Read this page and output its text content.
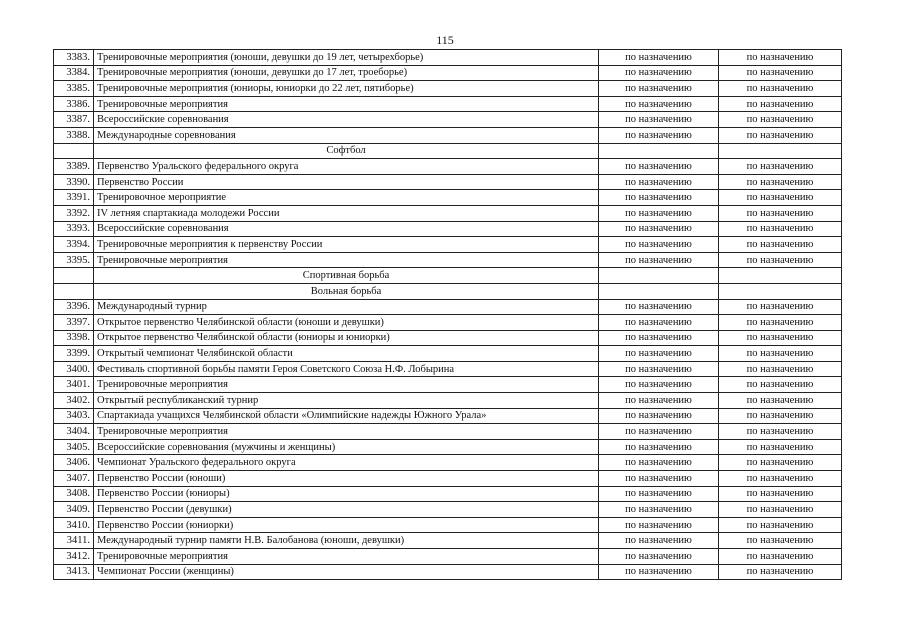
115
3383.	Тренировочные мероприятия (юноши, девушки до 19 лет, четырехборье)	по назначению	по назначению
3384.	Тренировочные мероприятия (юноши, девушки до 17 лет, троеборье)	по назначению	по назначению
3385.	Тренировочные мероприятия (юниоры, юниорки до 22 лет, пятиборье)	по назначению	по назначению
3386.	Тренировочные мероприятия	по назначению	по назначению
3387.	Всероссийские соревнования	по назначению	по назначению
3388.	Международные соревнования	по назначению	по назначению
	Софтбол		
3389.	Первенство Уральского федерального округа	по назначению	по назначению
3390.	Первенство России	по назначению	по назначению
3391.	Тренировочное мероприятие	по назначению	по назначению
3392.	IV летняя спартакиада молодежи России	по назначению	по назначению
3393.	Всероссийские соревнования	по назначению	по назначению
3394.	Тренировочные мероприятия к первенству России	по назначению	по назначению
3395.	Тренировочные мероприятия	по назначению	по назначению
	Спортивная борьба		
	Вольная борьба		
3396.	Международный турнир	по назначению	по назначению
3397.	Открытое первенство Челябинской области (юноши и девушки)	по назначению	по назначению
3398.	Открытое первенство Челябинской области (юниоры и юниорки)	по назначению	по назначению
3399.	Открытый чемпионат Челябинской области	по назначению	по назначению
3400.	Фестиваль спортивной борьбы памяти Героя Советского Союза Н.Ф. Лобырина	по назначению	по назначению
3401.	Тренировочные мероприятия	по назначению	по назначению
3402.	Открытый республиканский турнир	по назначению	по назначению
3403.	Спартакиада учащихся Челябинской области «Олимпийские надежды Южного Урала»	по назначению	по назначению
3404.	Тренировочные мероприятия	по назначению	по назначению
3405.	Всероссийские соревнования (мужчины и женщины)	по назначению	по назначению
3406.	Чемпионат Уральского федерального округа	по назначению	по назначению
3407.	Первенство России (юноши)	по назначению	по назначению
3408.	Первенство России (юниоры)	по назначению	по назначению
3409.	Первенство России (девушки)	по назначению	по назначению
3410.	Первенство России (юниорки)	по назначению	по назначению
3411.	Международный турнир памяти Н.В. Балобанова (юноши, девушки)	по назначению	по назначению
3412.	Тренировочные мероприятия	по назначению	по назначению
3413.	Чемпионат России (женщины)	по назначению	по назначению
